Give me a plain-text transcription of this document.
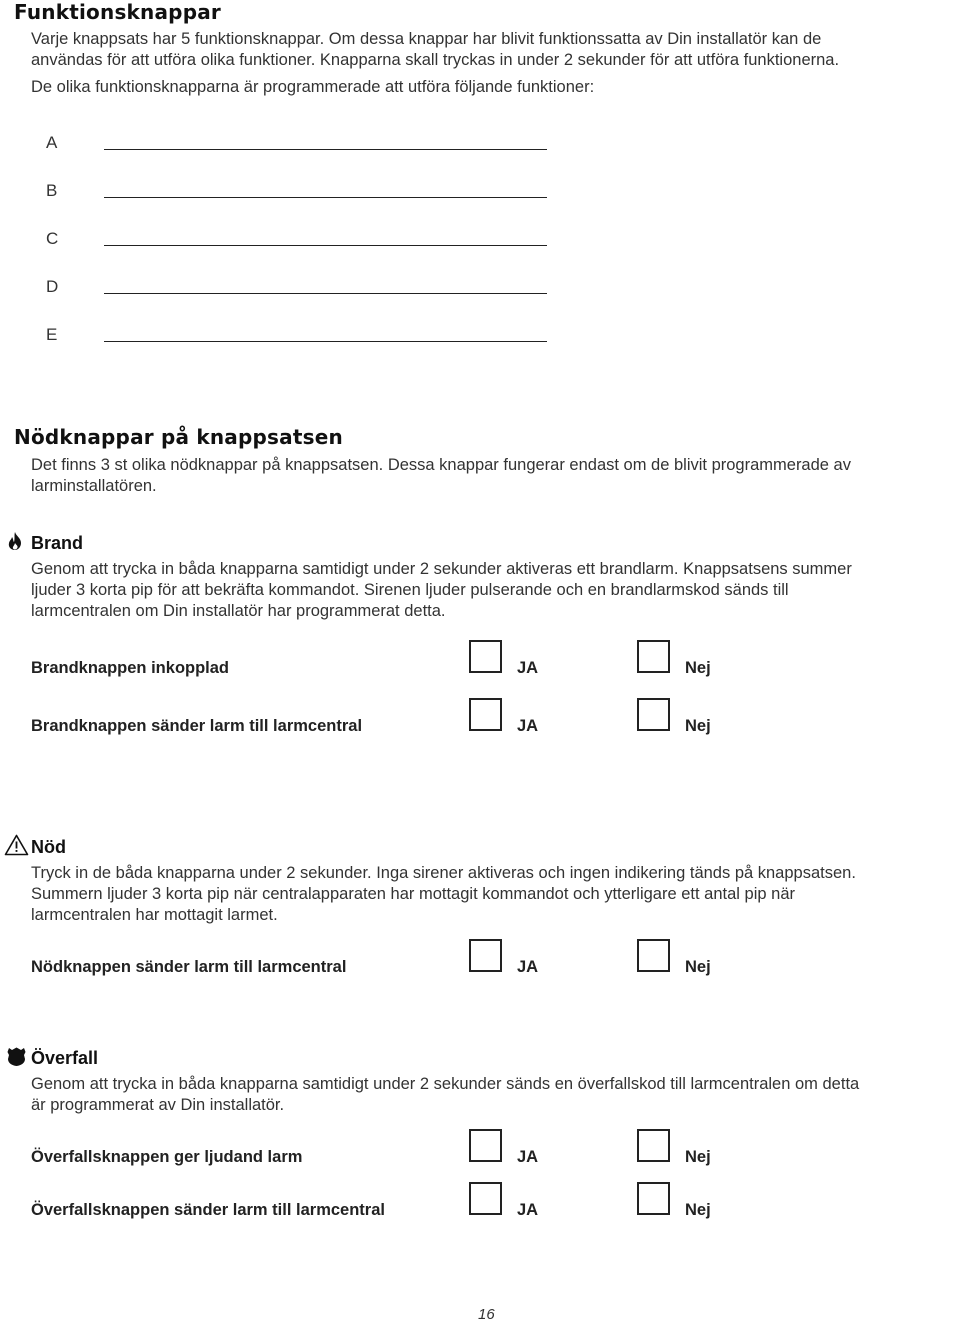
Funktionsknappar
Varje knappsats har 5 funktionsknappar. Om dessa knappar har blivit funktionssatta av Din installatör kan de
användas för att utföra olika funktioner. Knapparna skall tryckas in under 2 sekunder för att utföra funktionerna.
De olika funktionsknapparna är programmerade att utföra följande funktioner:
A
B
C
D
E
Nödknappar på knappsatsen
Det finns 3 st olika nödknappar på knappsatsen. Dessa knappar fungerar endast om de blivit programmerade av
larminstallatören.
Brand
Genom att trycka in båda knapparna samtidigt under 2 sekunder aktiveras ett brandlarm. Knappsatsens summer
ljuder 3 korta pip för att bekräfta kommandot. Sirenen ljuder pulserande och en brandlarmskod sänds till
larmcentralen om Din installatör har programmerat detta.
Brandknappen inkopplad	JA	Nej
Brandknappen sänder larm till larmcentral	JA	Nej
Nöd
Tryck in de båda knapparna under 2 sekunder. Inga sirener aktiveras och ingen indikering tänds på knappsatsen.
Summern ljuder 3 korta pip när centralapparaten har mottagit kommandot och ytterligare ett antal pip när
larmcentralen har mottagit larmet.
Nödknappen sänder larm till larmcentral	JA	Nej
Överfall
Genom att trycka in båda knapparna samtidigt under 2 sekunder sänds en överfallskod till larmcentralen om detta
är programmerat av Din installatör.
Överfallsknappen ger ljudand larm	JA	Nej
Överfallsknappen sänder larm till larmcentral	JA	Nej
16
